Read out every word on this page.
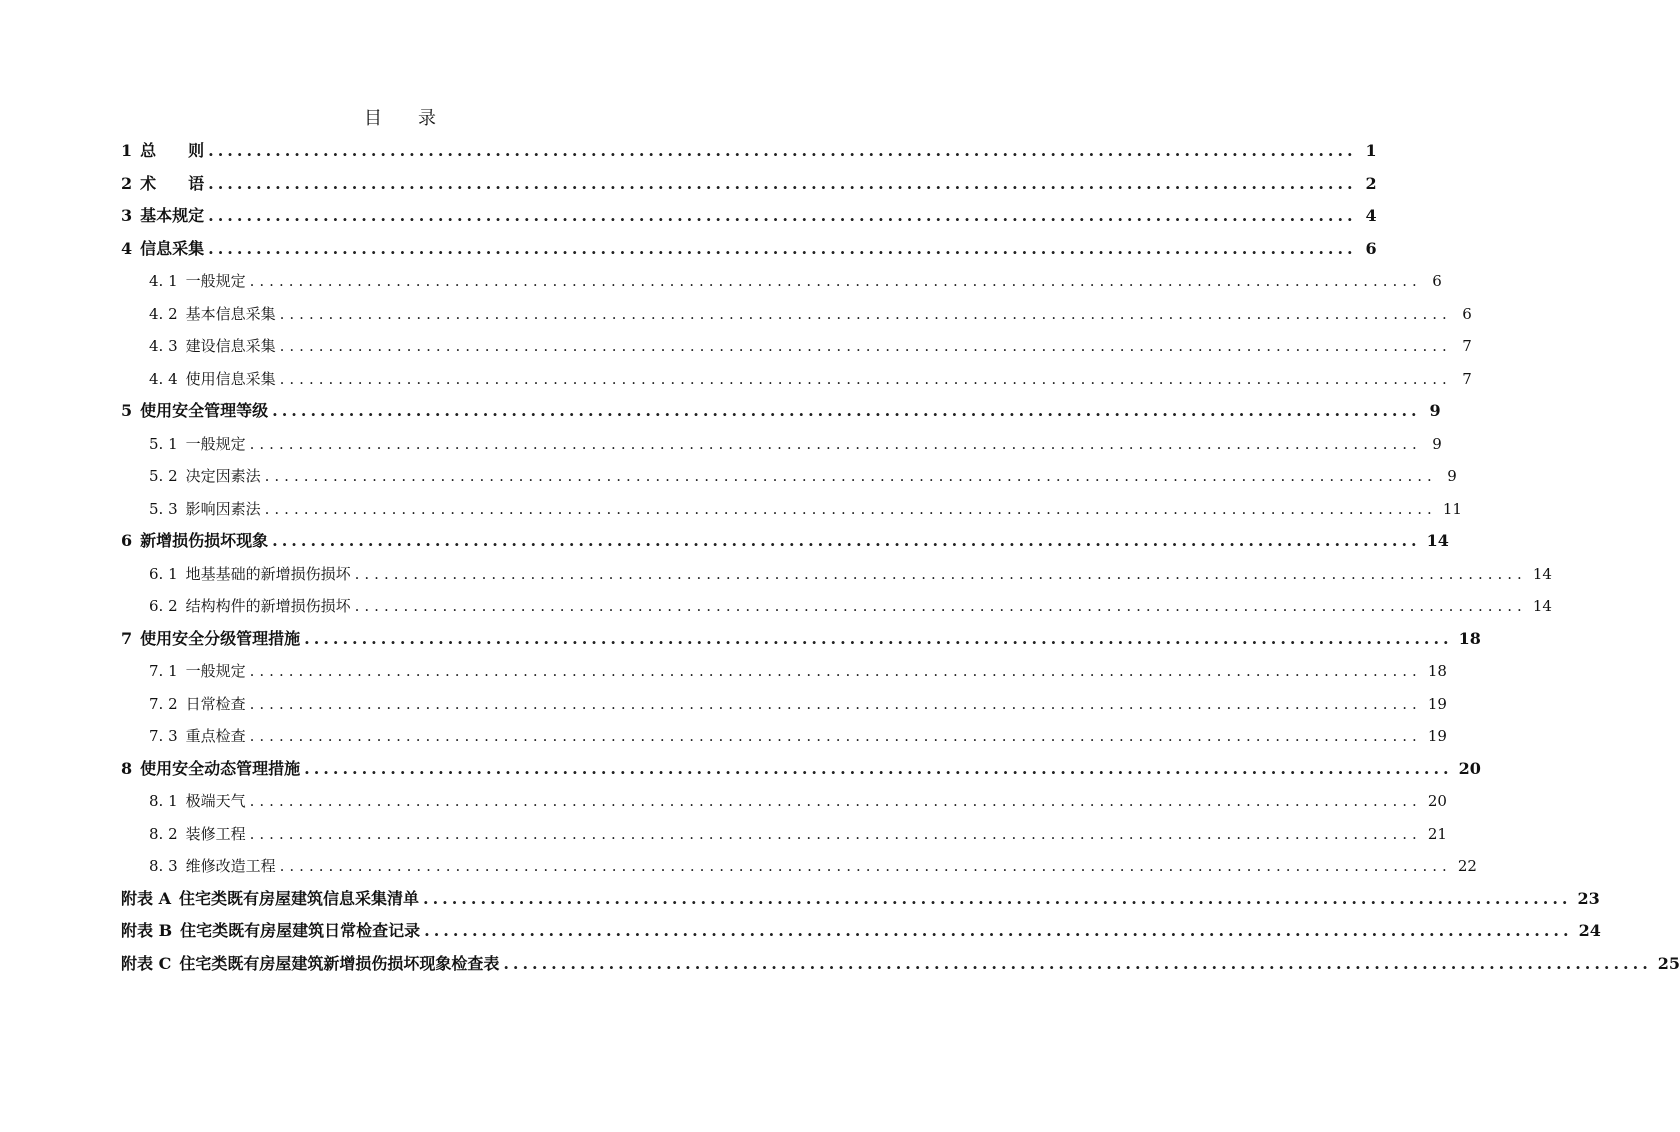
目　　录
1 总　　则 ........................................................................................................................ 1
2 术　　语 ........................................................................................................................ 2
3 基本规定 ........................................................................................................................ 4
4 信息采集 ........................................................................................................................ 6
4. 1 一般规定 ........................................................................................................................ 6
4. 2 基本信息采集 ........................................................................................................................ 6
4. 3 建设信息采集 ........................................................................................................................ 7
4. 4 使用信息采集 ........................................................................................................................ 7
5 使用安全管理等级 ........................................................................................................................ 9
5. 1 一般规定 ........................................................................................................................ 9
5. 2 决定因素法 ........................................................................................................................ 9
5. 3 影响因素法 ........................................................................................................................ 11
6 新增损伤损坏现象 ........................................................................................................................ 14
6. 1 地基基础的新增损伤损坏 ........................................................................................................................ 14
6. 2 结构构件的新增损伤损坏 ........................................................................................................................ 14
7 使用安全分级管理措施 ........................................................................................................................ 18
7. 1 一般规定 ........................................................................................................................ 18
7. 2 日常检查 ........................................................................................................................ 19
7. 3 重点检查 ........................................................................................................................ 19
8 使用安全动态管理措施 ........................................................................................................................ 20
8. 1 极端天气 ........................................................................................................................ 20
8. 2 装修工程 ........................................................................................................................ 21
8. 3 维修改造工程 ........................................................................................................................ 22
附表 A 住宅类既有房屋建筑信息采集清单 ........................................................................................................................ 23
附表 B 住宅类既有房屋建筑日常检查记录 ........................................................................................................................ 24
附表 C 住宅类既有房屋建筑新增损伤损坏现象检查表 ........................................................................................................................ 25
